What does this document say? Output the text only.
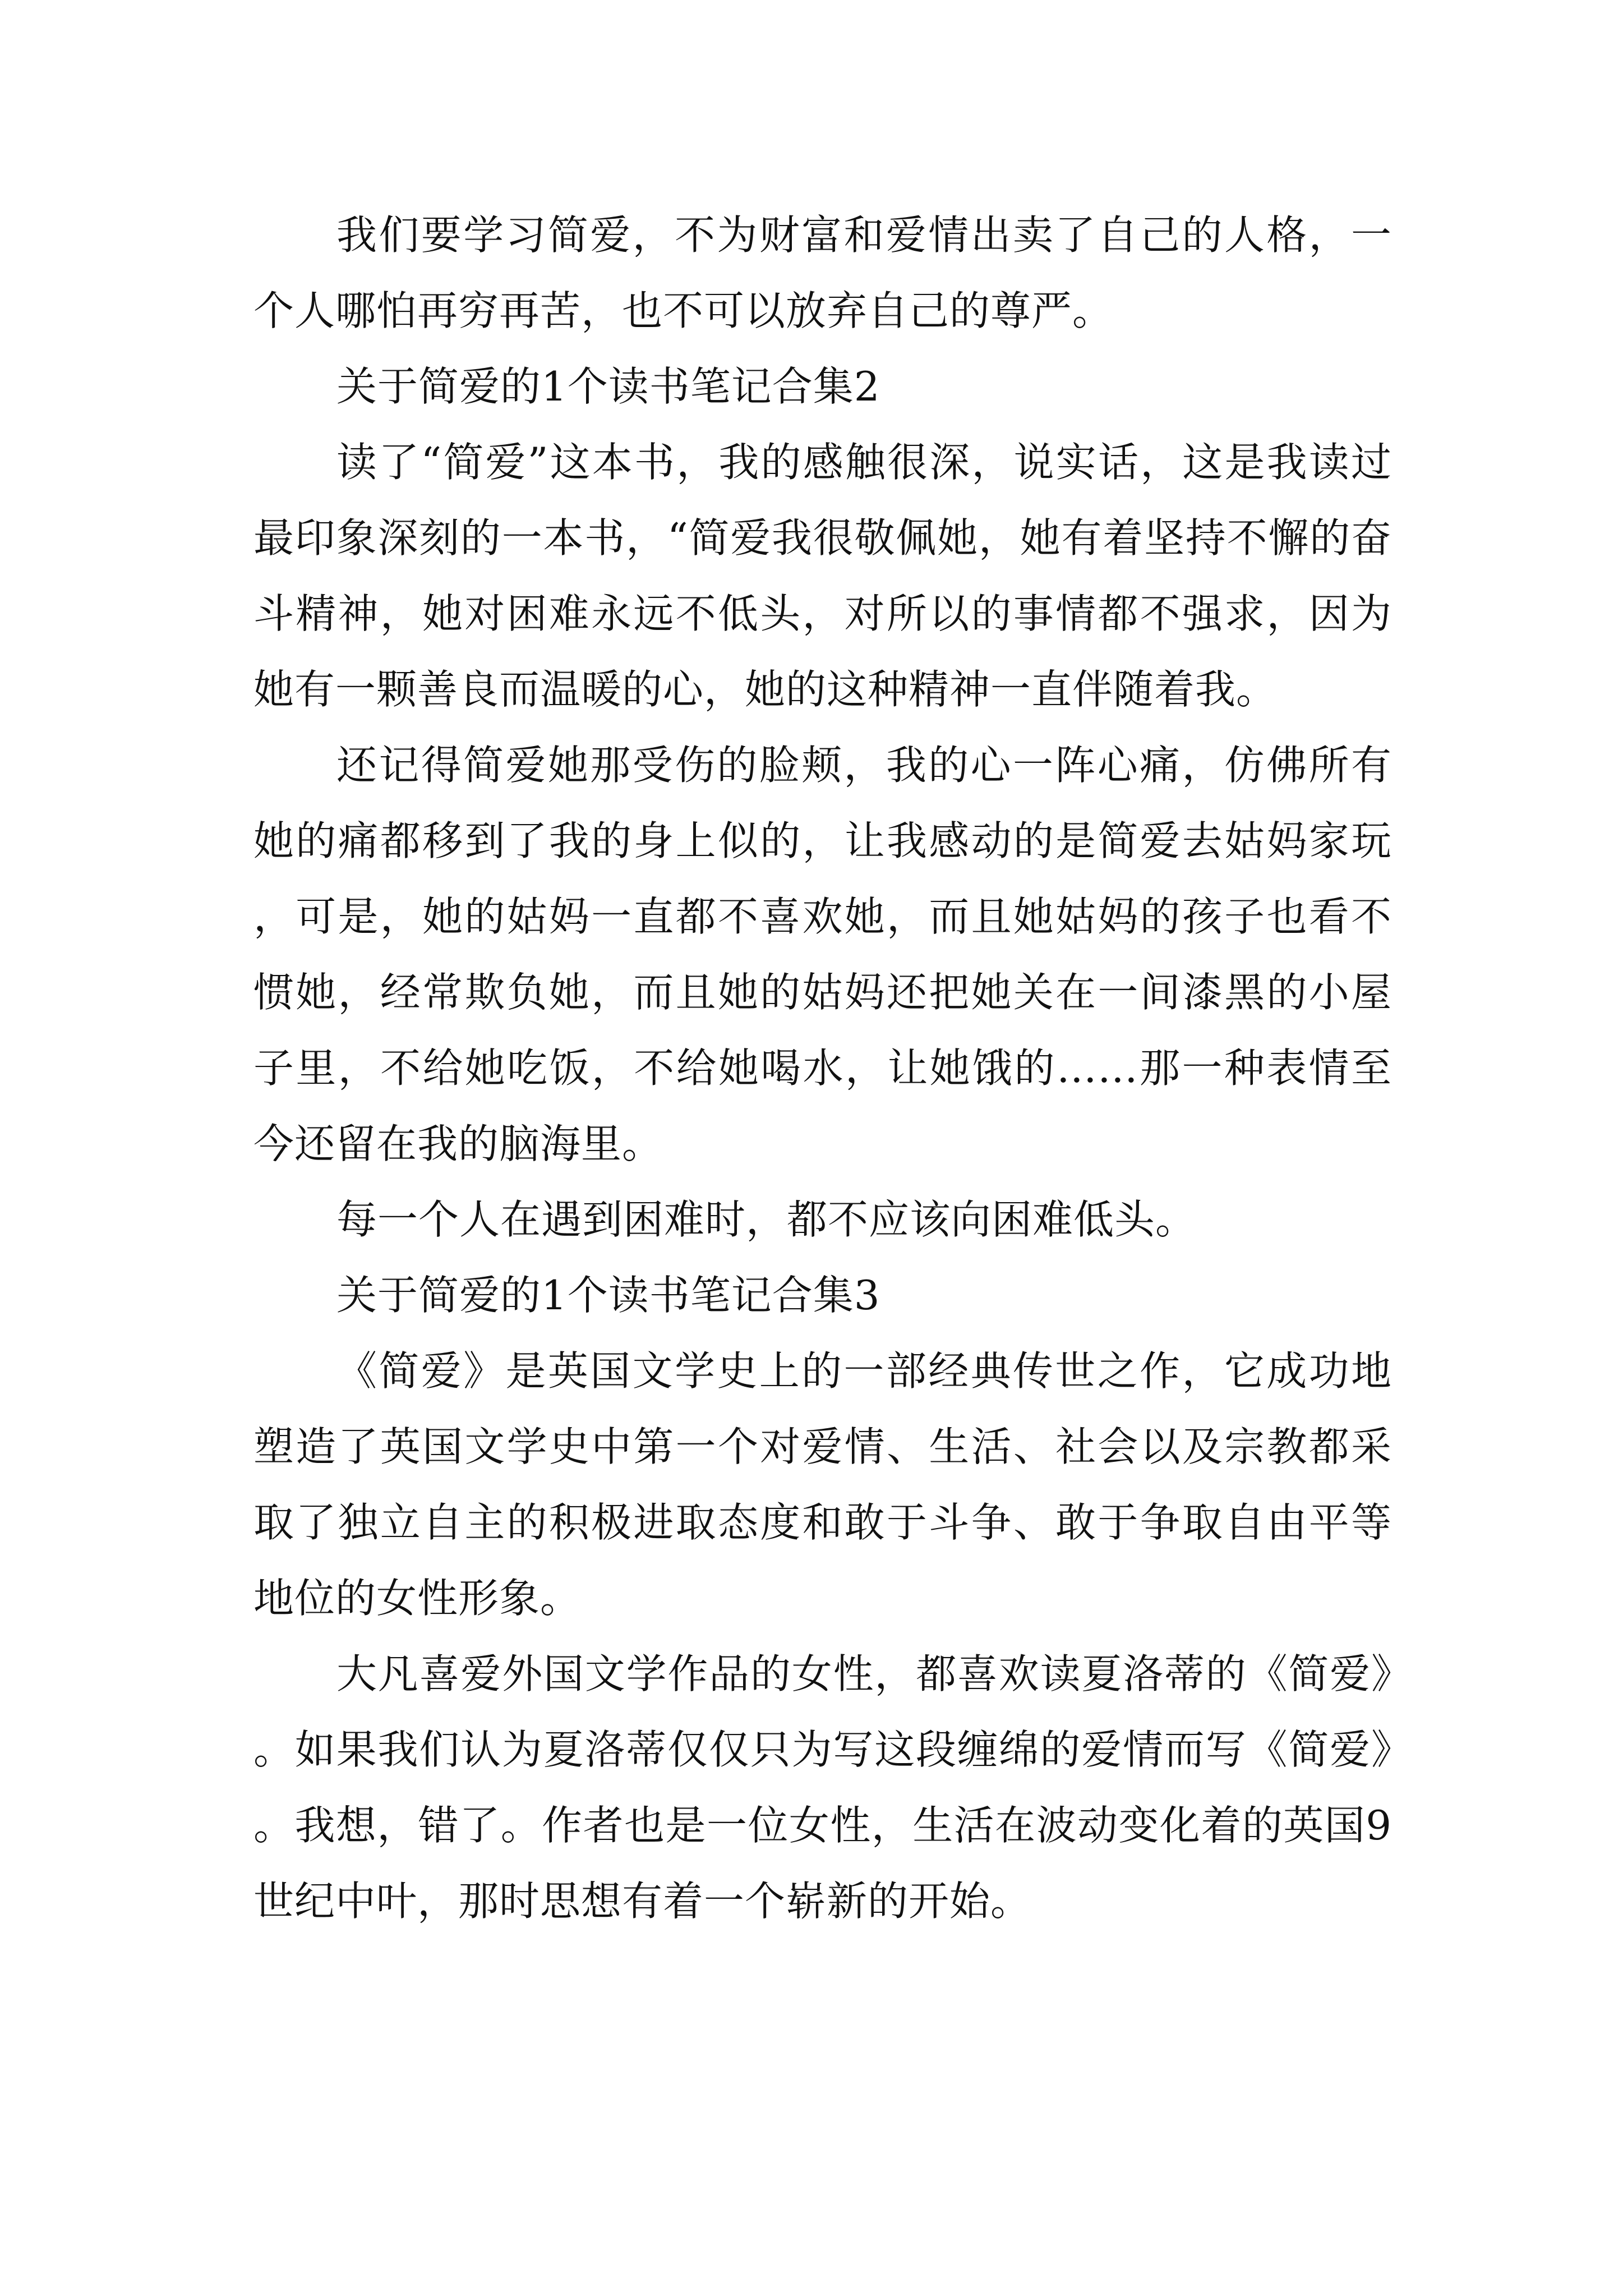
我们要学习简爱，不为财富和爱情出卖了自己的人格，一个人哪怕再穷再苦，也不可以放弃自己的尊严。

关于简爱的1个读书笔记合集2

读了“简爱”这本书，我的感触很深，说实话，这是我读过最印象深刻的一本书，“简爱我很敬佩她，她有着坚持不懈的奋斗精神，她对困难永远不低头，对所以的事情都不强求，因为她有一颗善良而温暖的心，她的这种精神一直伴随着我。

还记得简爱她那受伤的脸颊，我的心一阵心痛，仿佛所有她的痛都移到了我的身上似的，让我感动的是简爱去姑妈家玩，可是，她的姑妈一直都不喜欢她，而且她姑妈的孩子也看不惯她，经常欺负她，而且她的姑妈还把她关在一间漆黑的小屋子里，不给她吃饭，不给她喝水，让她饿的……那一种表情至今还留在我的脑海里。

每一个人在遇到困难时，都不应该向困难低头。

关于简爱的1个读书笔记合集3

《简爱》是英国文学史上的一部经典传世之作，它成功地塑造了英国文学史中第一个对爱情、生活、社会以及宗教都采取了独立自主的积极进取态度和敢于斗争、敢于争取自由平等地位的女性形象。

大凡喜爱外国文学作品的女性，都喜欢读夏洛蒂的《简爱》。如果我们认为夏洛蒂仅仅只为写这段缠绵的爱情而写《简爱》。我想，错了。作者也是一位女性，生活在波动变化着的英国9世纪中叶，那时思想有着一个崭新的开始。
